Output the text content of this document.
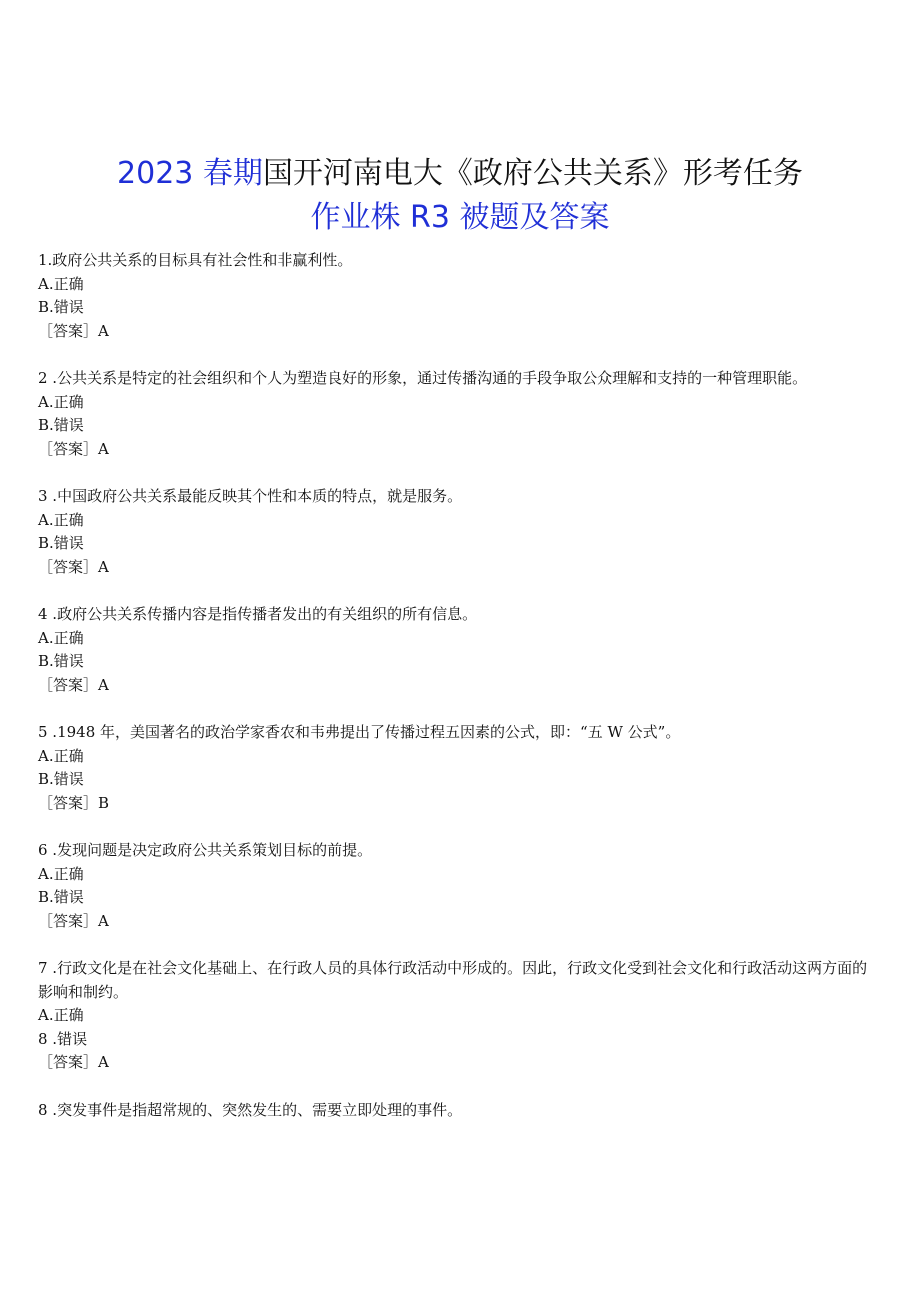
2023 春期国开河南电大《政府公共关系》形考任务
作业株 R3 被题及答案
1.政府公共关系的目标具有社会性和非赢利性。
A.正确
B.错误
［答案］A
2 .公共关系是特定的社会组织和个人为塑造良好的形象，通过传播沟通的手段争取公众理解和支持的一种管理职能。
A.正确
B.错误
［答案］A
3 .中国政府公共关系最能反映其个性和本质的特点，就是服务。
A.正确
B.错误
［答案］A
4 .政府公共关系传播内容是指传播者发出的有关组织的所有信息。
A.正确
B.错误
［答案］A
5 .1948 年，美国著名的政治学家香农和韦弗提出了传播过程五因素的公式，即：“五 W 公式”。
A.正确
B.错误
［答案］B
6 .发现问题是决定政府公共关系策划目标的前提。
A.正确
B.错误
［答案］A
7 .行政文化是在社会文化基础上、在行政人员的具体行政活动中形成的。因此，行政文化受到社会文化和行政活动这两方面的影响和制约。
A.正确
8 .错误
［答案］A
8 .突发事件是指超常规的、突然发生的、需要立即处理的事件。
